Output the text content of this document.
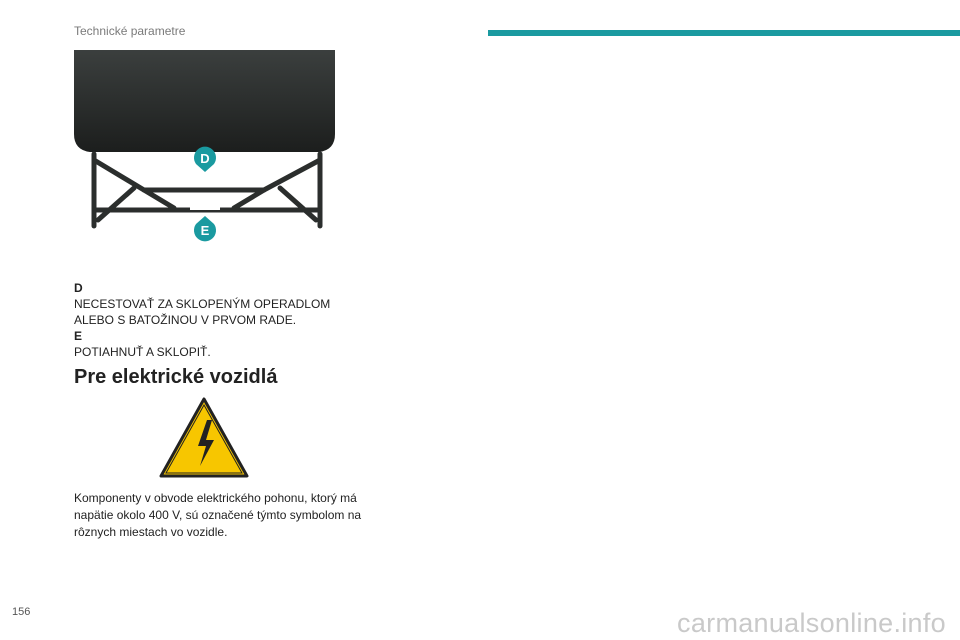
Technické parametre
D
E
D
NECESTOVAŤ ZA SKLOPENÝM OPERADLOM ALEBO S BATOŽINOU V PRVOM RADE.
E
POTIAHNUŤ A SKLOPIŤ.
Pre elektrické vozidlá
Komponenty v obvode elektrického pohonu, ktorý má napätie okolo 400 V, sú označené týmto symbolom na rôznych miestach vo vozidle.
156	carmanualsonline.info
